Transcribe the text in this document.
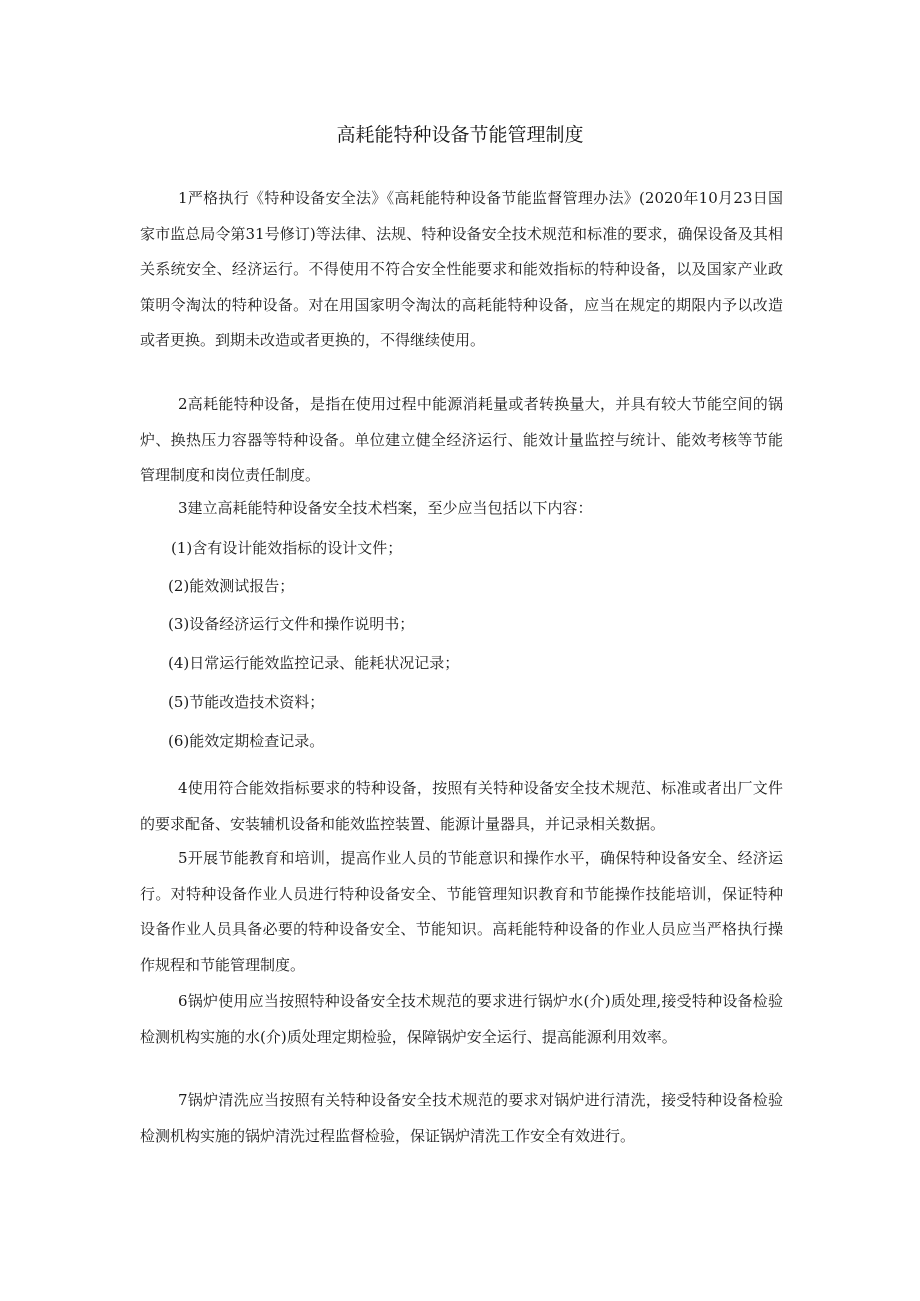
高耗能特种设备节能管理制度

1严格执行《特种设备安全法》《高耗能特种设备节能监督管理办法》(2020年10月23日国家市监总局令第31号修订)等法律、法规、特种设备安全技术规范和标准的要求，确保设备及其相关系统安全、经济运行。不得使用不符合安全性能要求和能效指标的特种设备，以及国家产业政策明令淘汰的特种设备。对在用国家明令淘汰的高耗能特种设备，应当在规定的期限内予以改造或者更换。到期未改造或者更换的，不得继续使用。

2高耗能特种设备，是指在使用过程中能源消耗量或者转换量大，并具有较大节能空间的锅炉、换热压力容器等特种设备。单位建立健全经济运行、能效计量监控与统计、能效考核等节能管理制度和岗位责任制度。

3建立高耗能特种设备安全技术档案，至少应当包括以下内容：

(1)含有设计能效指标的设计文件；

(2)能效测试报告；

(3)设备经济运行文件和操作说明书；

(4)日常运行能效监控记录、能耗状况记录；

(5)节能改造技术资料；

(6)能效定期检查记录。

4使用符合能效指标要求的特种设备，按照有关特种设备安全技术规范、标准或者出厂文件的要求配备、安装辅机设备和能效监控装置、能源计量器具，并记录相关数据。

5开展节能教育和培训，提高作业人员的节能意识和操作水平，确保特种设备安全、经济运行。对特种设备作业人员进行特种设备安全、节能管理知识教育和节能操作技能培训，保证特种设备作业人员具备必要的特种设备安全、节能知识。高耗能特种设备的作业人员应当严格执行操作规程和节能管理制度。

6锅炉使用应当按照特种设备安全技术规范的要求进行锅炉水(介)质处理,接受特种设备检验检测机构实施的水(介)质处理定期检验，保障锅炉安全运行、提高能源利用效率。

7锅炉清洗应当按照有关特种设备安全技术规范的要求对锅炉进行清洗，接受特种设备检验检测机构实施的锅炉清洗过程监督检验，保证锅炉清洗工作安全有效进行。
